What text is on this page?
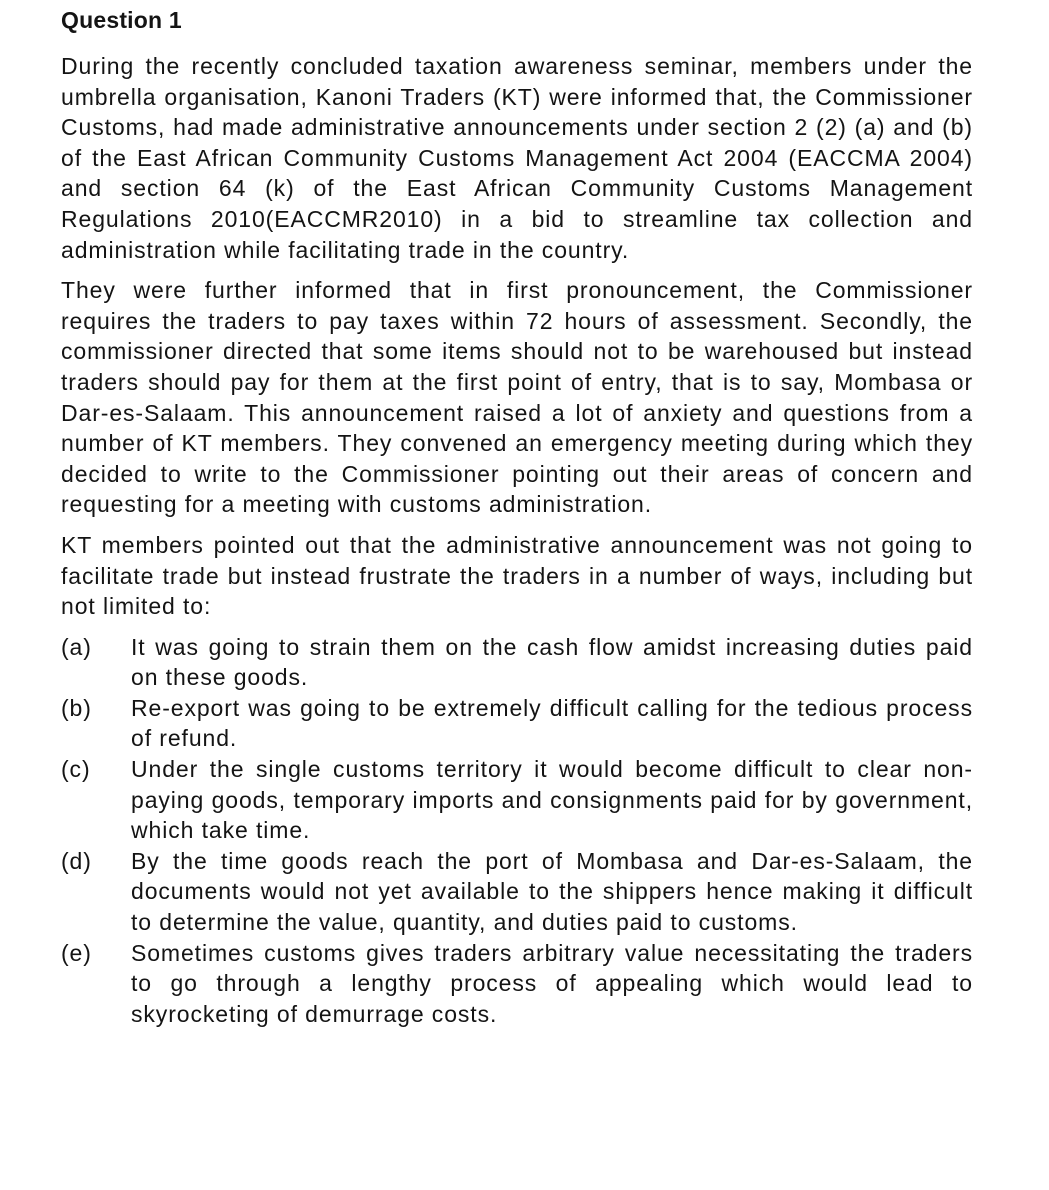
Question 1

During the recently concluded taxation awareness seminar, members under the umbrella organisation, Kanoni Traders (KT) were informed that, the Commissioner Customs, had made administrative announcements under section 2 (2) (a) and (b) of the East African Community Customs Management Act 2004 (EACCMA 2004) and section 64 (k) of the East African Community Customs Management Regulations 2010(EACCMR2010) in a bid to streamline tax collection and administration while facilitating trade in the country.

They were further informed that in first pronouncement, the Commissioner requires the traders to pay taxes within 72 hours of assessment. Secondly, the commissioner directed that some items should not to be warehoused but instead traders should pay for them at the first point of entry, that is to say, Mombasa or Dar-es-Salaam. This announcement raised a lot of anxiety and questions from a number of KT members. They convened an emergency meeting during which they decided to write to the Commissioner pointing out their areas of concern and requesting for a meeting with customs administration.

KT members pointed out that the administrative announcement was not going to facilitate trade but instead frustrate the traders in a number of ways, including but not limited to:

(a)	It was going to strain them on the cash flow amidst increasing duties paid on these goods.
(b)	Re-export was going to be extremely difficult calling for the tedious process of refund.
(c)	Under the single customs territory it would become difficult to clear non-paying goods, temporary imports and consignments paid for by government, which take time.
(d)	By the time goods reach the port of Mombasa and Dar-es-Salaam, the documents would not yet available to the shippers hence making it difficult to determine the value, quantity, and duties paid to customs.
(e)	Sometimes customs gives traders arbitrary value necessitating the traders to go through a lengthy process of appealing which would lead to skyrocketing of demurrage costs.
